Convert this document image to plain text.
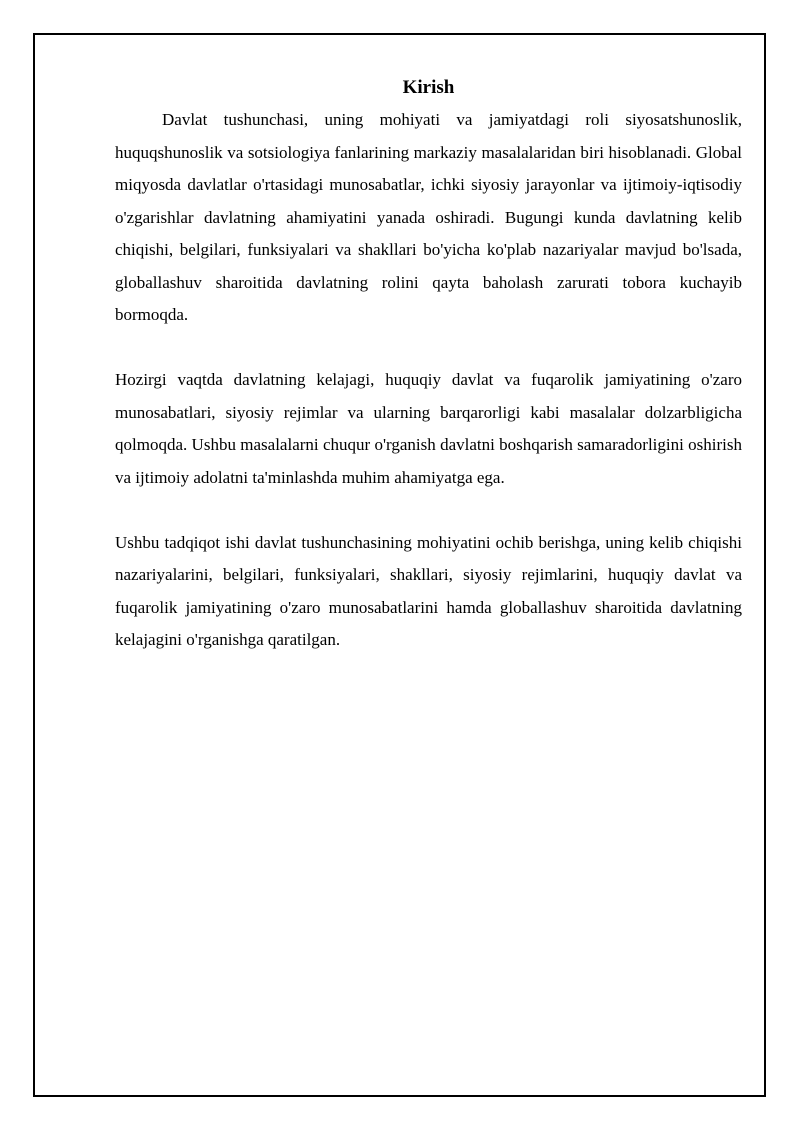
Kirish

Davlat tushunchasi, uning mohiyati va jamiyatdagi roli siyosatshunoslik, huquqshunoslik va sotsiologiya fanlarining markaziy masalalaridan biri hisoblanadi. Global miqyosda davlatlar o'rtasidagi munosabatlar, ichki siyosiy jarayonlar va ijtimoiy-iqtisodiy o'zgarishlar davlatning ahamiyatini yanada oshiradi. Bugungi kunda davlatning kelib chiqishi, belgilari, funksiyalari va shakllari bo'yicha ko'plab nazariyalar mavjud bo'lsada, globallashuv sharoitida davlatning rolini qayta baholash zarurati tobora kuchayib bormoqda.

Hozirgi vaqtda davlatning kelajagi, huquqiy davlat va fuqarolik jamiyatining o'zaro munosabatlari, siyosiy rejimlar va ularning barqarorligi kabi masalalar dolzarbligicha qolmoqda. Ushbu masalalarni chuqur o'rganish davlatni boshqarish samaradorligini oshirish va ijtimoiy adolatni ta'minlashda muhim ahamiyatga ega.

Ushbu tadqiqot ishi davlat tushunchasining mohiyatini ochib berishga, uning kelib chiqishi nazariyalarini, belgilari, funksiyalari, shakllari, siyosiy rejimlarini, huquqiy davlat va fuqarolik jamiyatining o'zaro munosabatlarini hamda globallashuv sharoitida davlatning kelajagini o'rganishga qaratilgan.
